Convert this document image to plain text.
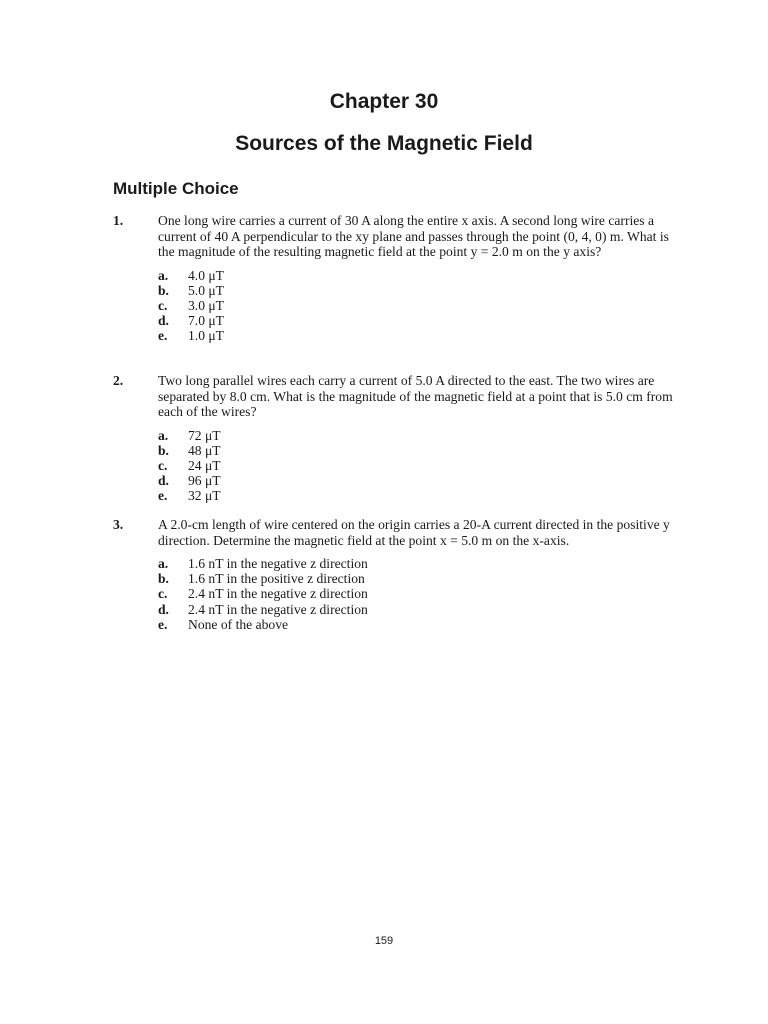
Chapter 30
Sources of the Magnetic Field
Multiple Choice
1.	One long wire carries a current of 30 A along the entire x axis. A second long wire carries a current of 40 A perpendicular to the xy plane and passes through the point (0, 4, 0) m. What is the magnitude of the resulting magnetic field at the point y = 2.0 m on the y axis?
a.	4.0 μT
b.	5.0 μT
c.	3.0 μT
d.	7.0 μT
e.	1.0 μT
2.	Two long parallel wires each carry a current of 5.0 A directed to the east. The two wires are separated by 8.0 cm. What is the magnitude of the magnetic field at a point that is 5.0 cm from each of the wires?
a.	72 μT
b.	48 μT
c.	24 μT
d.	96 μT
e.	32 μT
3.	A 2.0-cm length of wire centered on the origin carries a 20-A current directed in the positive y direction. Determine the magnetic field at the point x = 5.0 m on the x-axis.
a.	1.6 nT in the negative z direction
b.	1.6 nT in the positive z direction
c.	2.4 nT in the negative z direction
d.	2.4 nT in the negative z direction
e.	None of the above
159
